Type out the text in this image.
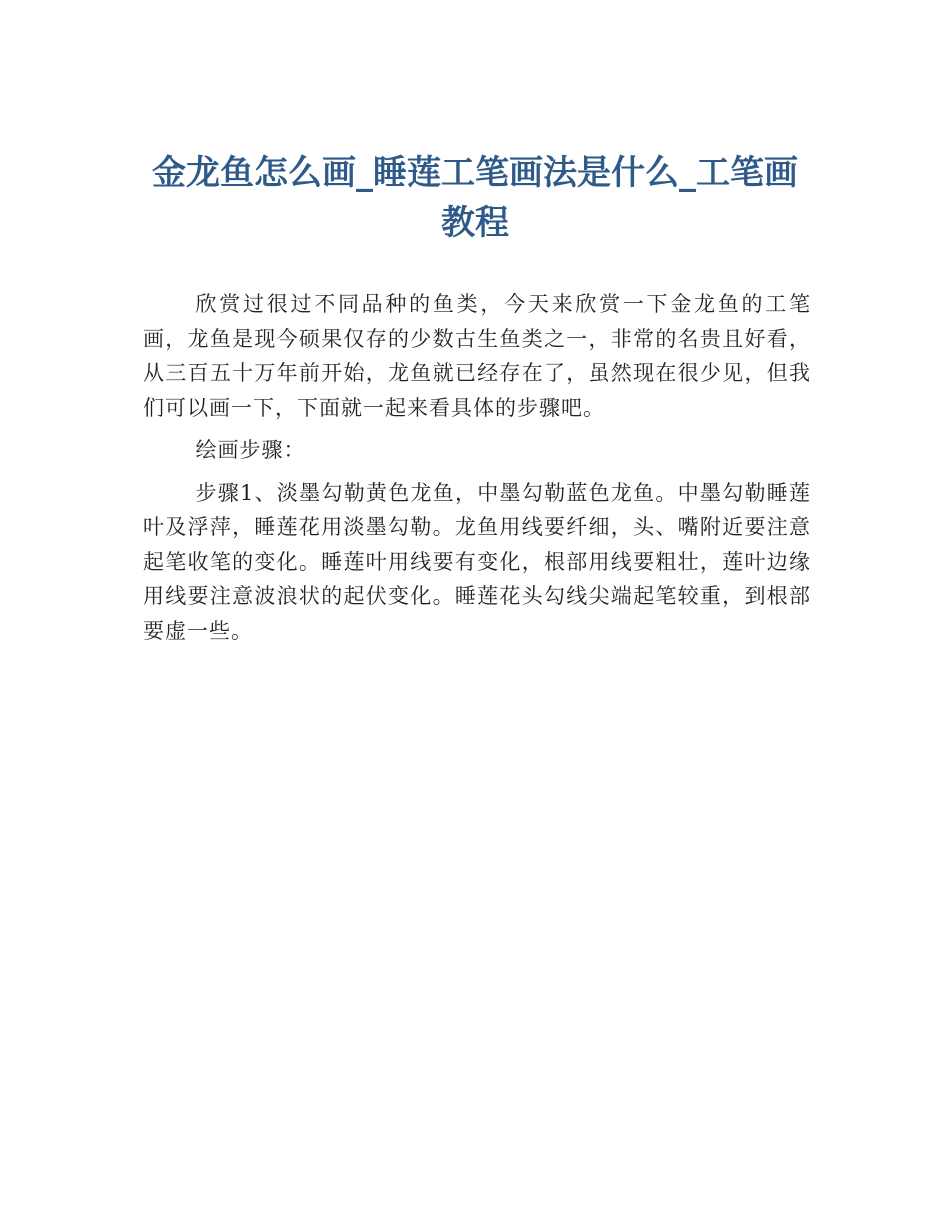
金龙鱼怎么画_睡莲工笔画法是什么_工笔画教程

欣赏过很过不同品种的鱼类，今天来欣赏一下金龙鱼的工笔画，龙鱼是现今硕果仅存的少数古生鱼类之一，非常的名贵且好看，从三百五十万年前开始，龙鱼就已经存在了，虽然现在很少见，但我们可以画一下，下面就一起来看具体的步骤吧。

绘画步骤：

步骤1、淡墨勾勒黄色龙鱼，中墨勾勒蓝色龙鱼。中墨勾勒睡莲叶及浮萍，睡莲花用淡墨勾勒。龙鱼用线要纤细，头、嘴附近要注意起笔收笔的变化。睡莲叶用线要有变化，根部用线要粗壮，莲叶边缘用线要注意波浪状的起伏变化。睡莲花头勾线尖端起笔较重，到根部要虚一些。
